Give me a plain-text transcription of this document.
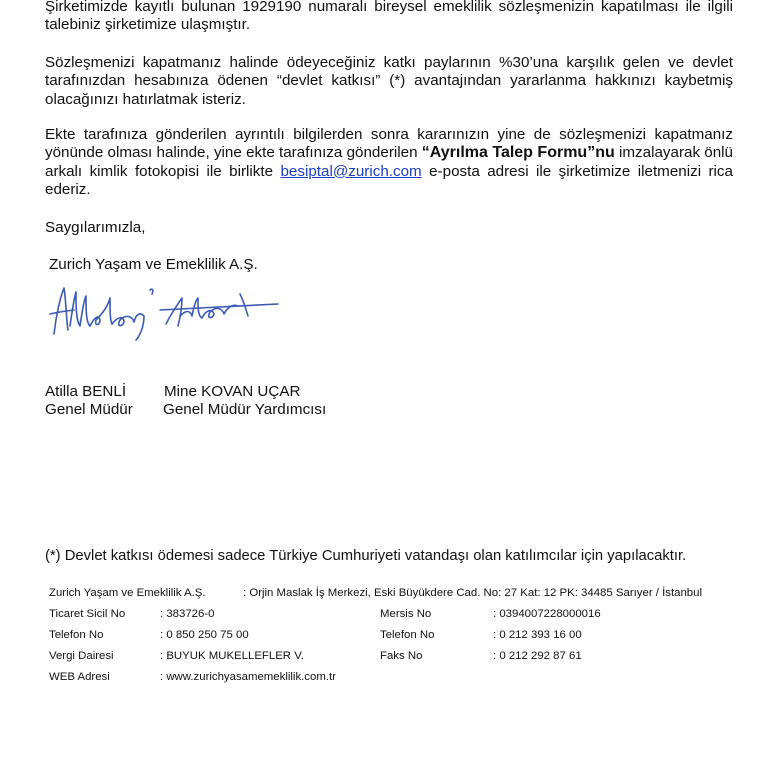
Şirketimizde kayıtlı bulunan 1929190 numaralı bireysel emeklilik sözleşmenizin kapatılması ile ilgili talebiniz şirketimize ulaşmıştır.

Sözleşmenizi kapatmanız halinde ödeyeceğiniz katkı paylarının %30’una karşılık gelen ve devlet tarafınızdan hesabınıza ödenen “devlet katkısı” (*) avantajından yararlanma hakkınızı kaybetmiş olacağınızı hatırlatmak isteriz.

Ekte tarafınıza gönderilen ayrıntılı bilgilerden sonra kararınızın yine de sözleşmenizi kapatmanız yönünde olması halinde, yine ekte tarafınıza gönderilen “Ayrılma Talep Formu”nu imzalayarak önlü arkalı kimlik fotokopisi ile birlikte besiptal@zurich.com e-posta adresi ile şirketimize iletmenizi rica ederiz.

Saygılarımızla,
Zurich Yaşam ve Emeklilik A.Ş.
Atilla BENLİ Mine KOVAN UÇAR
Genel Müdür Genel Müdür Yardımcısı
(*) Devlet katkısı ödemesi sadece Türkiye Cumhuriyeti vatandaşı olan katılımcılar için yapılacaktır.
Zurich Yaşam ve Emeklilik A.Ş.	: Orjin Maslak İş Merkezi, Eski Büyükdere Cad. No: 27 Kat: 12 PK: 34485 Sarıyer / İstanbul
Ticaret Sicil No	: 383726-0	Mersis No	: 0394007228000016
Telefon No	: 0 850 250 75 00	Telefon No	: 0 212 393 16 00
Vergi Dairesi	: BUYUK MUKELLEFLER V.	Faks No	: 0 212 292 87 61
WEB Adresi	: www.zurichyasamemeklilik.com.tr
